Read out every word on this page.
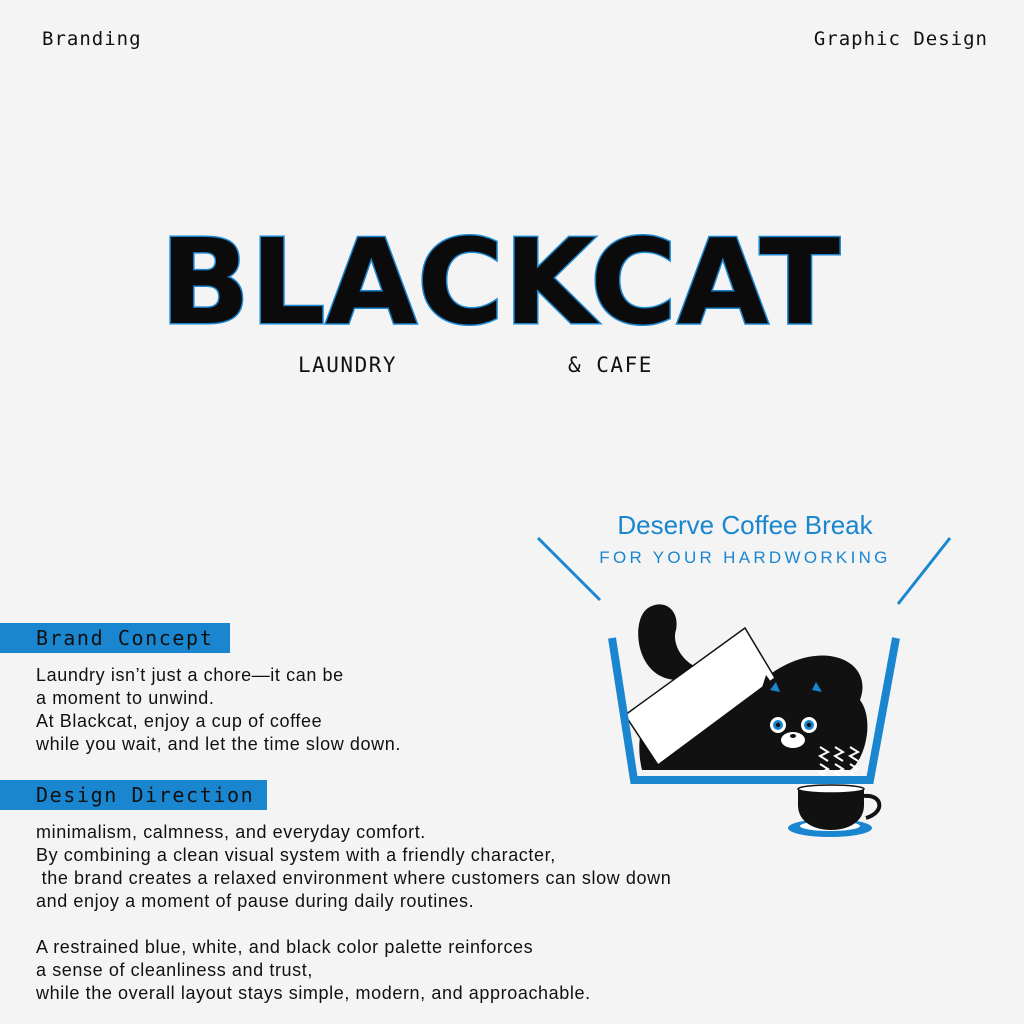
Branding	Graphic Design
BLACKCAT
LAUNDRY	& CAFE
Deserve Coffee Break
FOR YOUR HARDWORKING
Brand Concept
Laundry isn’t just a chore—it can be
a moment to unwind.
At Blackcat, enjoy a cup of coffee
while you wait, and let the time slow down.
Design Direction
minimalism, calmness, and everyday comfort.
By combining a clean visual system with a friendly character,
the brand creates a relaxed environment where customers can slow down
and enjoy a moment of pause during daily routines.
A restrained blue, white, and black color palette reinforces
a sense of cleanliness and trust,
while the overall layout stays simple, modern, and approachable.
